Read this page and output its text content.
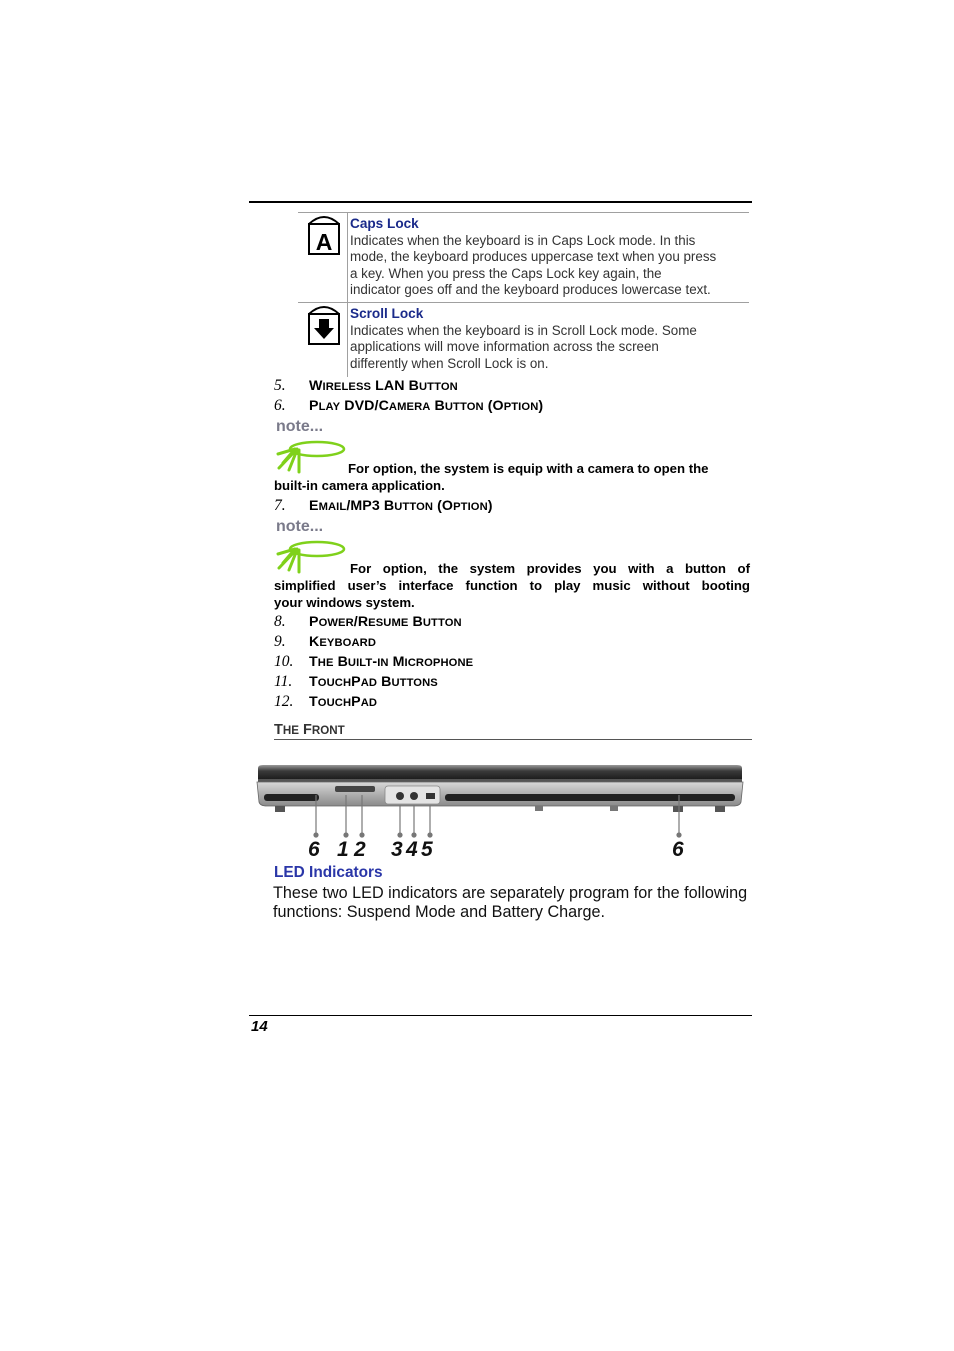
A
Caps Lock
Indicates when the keyboard is in Caps Lock mode. In this
mode, the keyboard produces uppercase text when you press
a key. When you press the Caps Lock key again, the
indicator goes off and the keyboard produces lowercase text.
Scroll Lock
Indicates when the keyboard is in Scroll Lock mode. Some
applications will move information across the screen
differently when Scroll Lock is on.
5. WIRELESS LAN BUTTON
6. PLAY DVD/CAMERA BUTTON (OPTION)
note...
For option, the system is equip with a camera to open the
built-in camera application.
7. EMAIL/MP3 BUTTON (OPTION)
note...
For option, the system provides you with a button of
simplified user’s interface function to play music without booting
your windows system.
8. POWER/RESUME BUTTON
9. KEYBOARD
10. THE BUILT-IN MICROPHONE
11. TOUCHPAD BUTTONS
12. TOUCHPAD
THE FRONT
6 1 2 3 4 5	6
LED Indicators
These two LED indicators are separately program for the following functions: Suspend Mode and Battery Charge.
14
